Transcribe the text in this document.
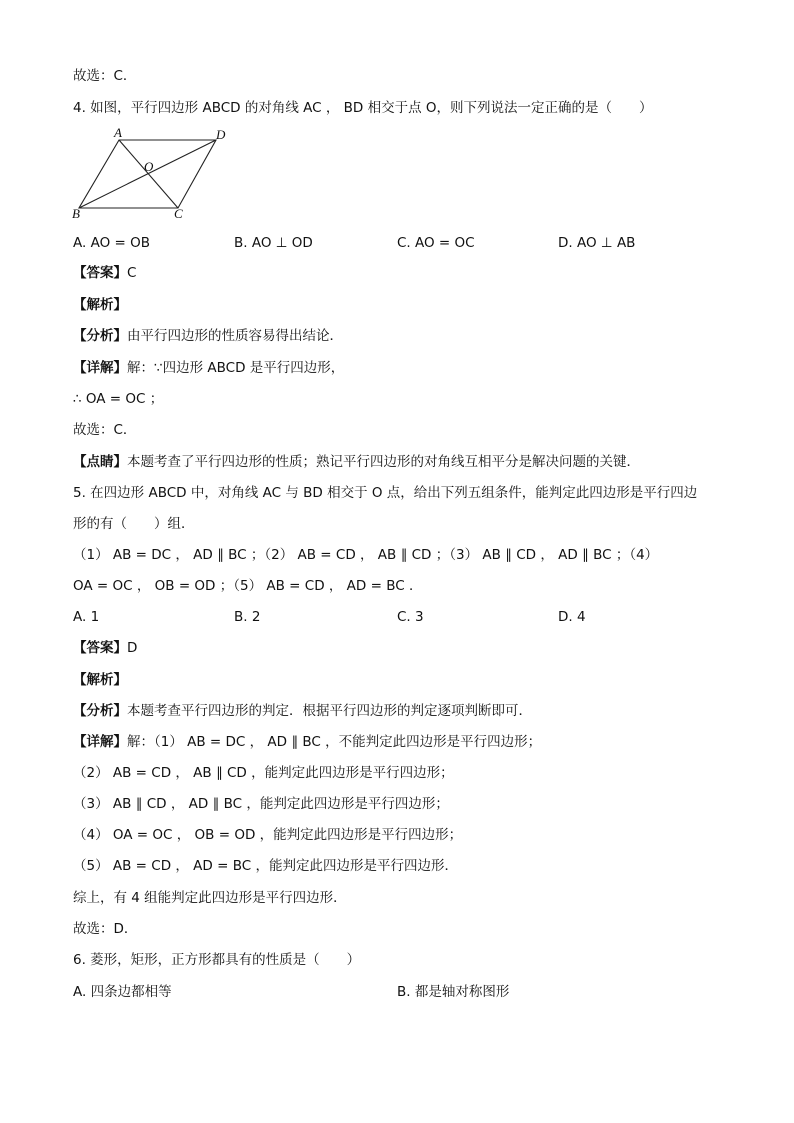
故选：C．
4. 如图，平行四边形 ABCD 的对角线 AC ， BD 相交于点 O，则下列说法一定正确的是（　　）
A	D
O
B	C
A. AO = OB	B. AO ⊥ OD	C. AO = OC	D. AO ⊥ AB
【答案】C
【解析】
【分析】由平行四边形的性质容易得出结论．
【详解】解：∵四边形 ABCD 是平行四边形，
∴ OA = OC ；
故选：C．
【点睛】本题考查了平行四边形的性质；熟记平行四边形的对角线互相平分是解决问题的关键．
5. 在四边形 ABCD 中，对角线 AC 与 BD 相交于 O 点，给出下列五组条件，能判定此四边形是平行四边
形的有（　　）组．
（1） AB = DC ， AD ∥ BC ；（2） AB = CD ， AB ∥ CD ；（3） AB ∥ CD ， AD ∥ BC ；（4）
OA = OC ， OB = OD ；（5） AB = CD ， AD = BC ．
A. 1	B. 2	C. 3	D. 4
【答案】D
【解析】
【分析】本题考查平行四边形的判定．根据平行四边形的判定逐项判断即可．
【详解】解：（1） AB = DC ， AD ∥ BC ，不能判定此四边形是平行四边形；
（2） AB = CD ， AB ∥ CD ，能判定此四边形是平行四边形；
（3） AB ∥ CD ， AD ∥ BC ，能判定此四边形是平行四边形；
（4） OA = OC ， OB = OD ，能判定此四边形是平行四边形；
（5） AB = CD ， AD = BC ，能判定此四边形是平行四边形．
综上，有 4 组能判定此四边形是平行四边形．
故选：D．
6. 菱形，矩形，正方形都具有的性质是（　　）
A. 四条边都相等	B. 都是轴对称图形
